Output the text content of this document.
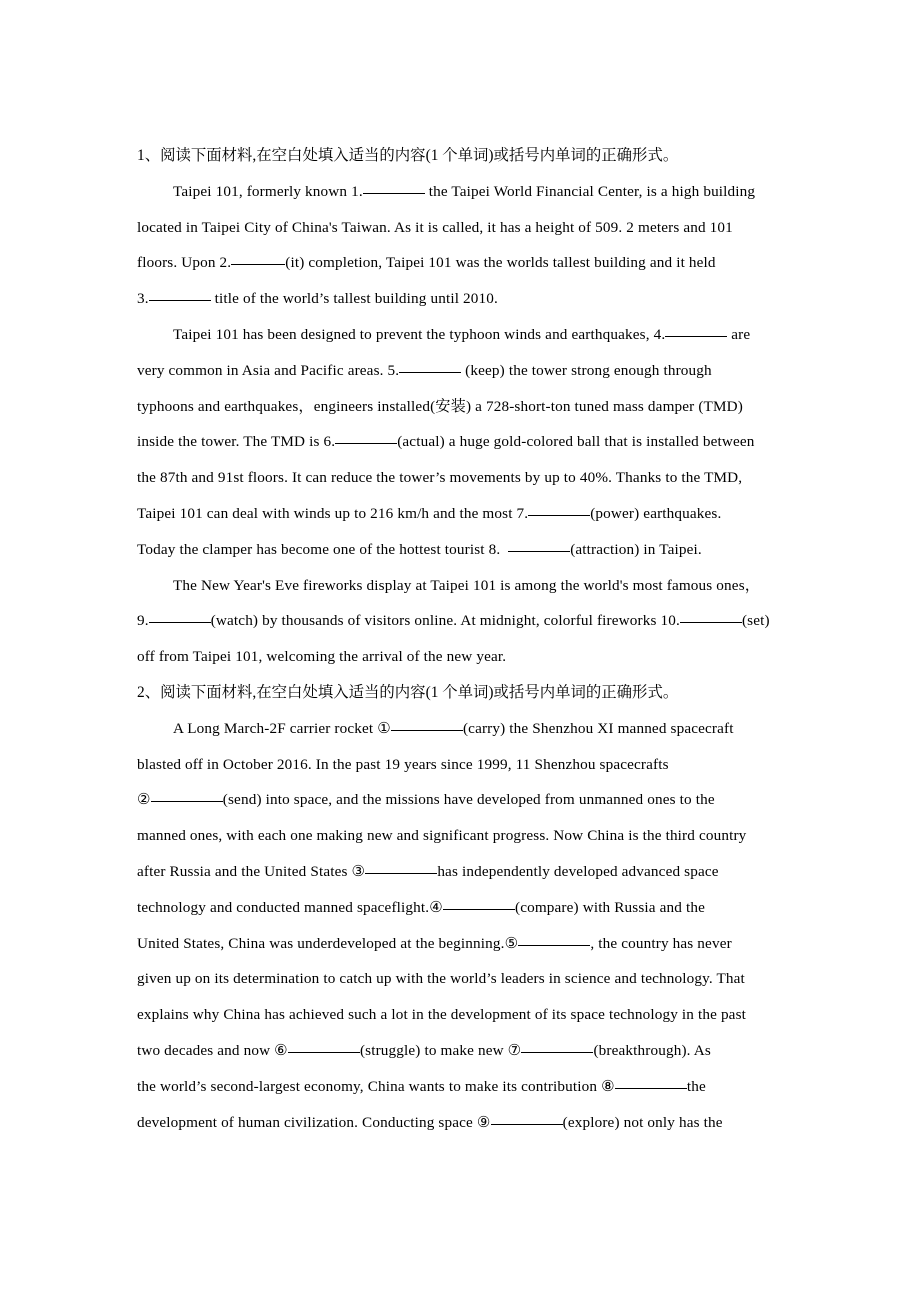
1、阅读下面材料,在空白处填入适当的内容(1 个单词)或括号内单词的正确形式。
Taipei 101, formerly known 1.	the Taipei World Financial Center, is a high building
located in Taipei City of China's Taiwan. As it is called, it has a height of 509. 2 meters and 101
floors. Upon 2.	(it) completion, Taipei 101 was the worlds tallest building and it held
3.	title of the world’s tallest building until 2010.
Taipei 101 has been designed to prevent the typhoon winds and earthquakes, 4.	are
very common in Asia and Pacific areas. 5.	(keep) the tower strong enough through
typhoons and earthquakes，engineers installed(安装) a 728-short-ton tuned mass damper (TMD)
inside the tower. The TMD is 6.	(actual) a huge gold-colored ball that is installed between
the 87th and 91st floors. It can reduce the tower’s movements by up to 40%. Thanks to the TMD,
Taipei 101 can deal with winds up to 216 km/h and the most 7.	(power) earthquakes.
Today the clamper has become one of the hottest tourist 8.	(attraction) in Taipei.
The New Year's Eve fireworks display at Taipei 101 is among the world's most famous ones，
9.	(watch) by thousands of visitors online. At midnight, colorful fireworks 10.	(set)
off from Taipei 101, welcoming the arrival of the new year.
2、阅读下面材料,在空白处填入适当的内容(1 个单词)或括号内单词的正确形式。
A Long March-2F carrier rocket ①	(carry) the Shenzhou XI manned spacecraft
blasted off in October 2016. In the past 19 years since 1999, 11 Shenzhou spacecrafts
②	(send) into space, and the missions have developed from unmanned ones to the
manned ones, with each one making new and significant progress. Now China is the third country
after Russia and the United States ③	has independently developed advanced space
technology and conducted manned spaceflight.④	(compare) with Russia and the
United States, China was underdeveloped at the beginning.⑤	, the country has never
given up on its determination to catch up with the world’s leaders in science and technology. That
explains why China has achieved such a lot in the development of its space technology in the past
two decades and now ⑥	(struggle) to make new ⑦	(breakthrough). As
the world’s second-largest economy, China wants to make its contribution ⑧	the
development of human civilization. Conducting space ⑨	(explore) not only has the
